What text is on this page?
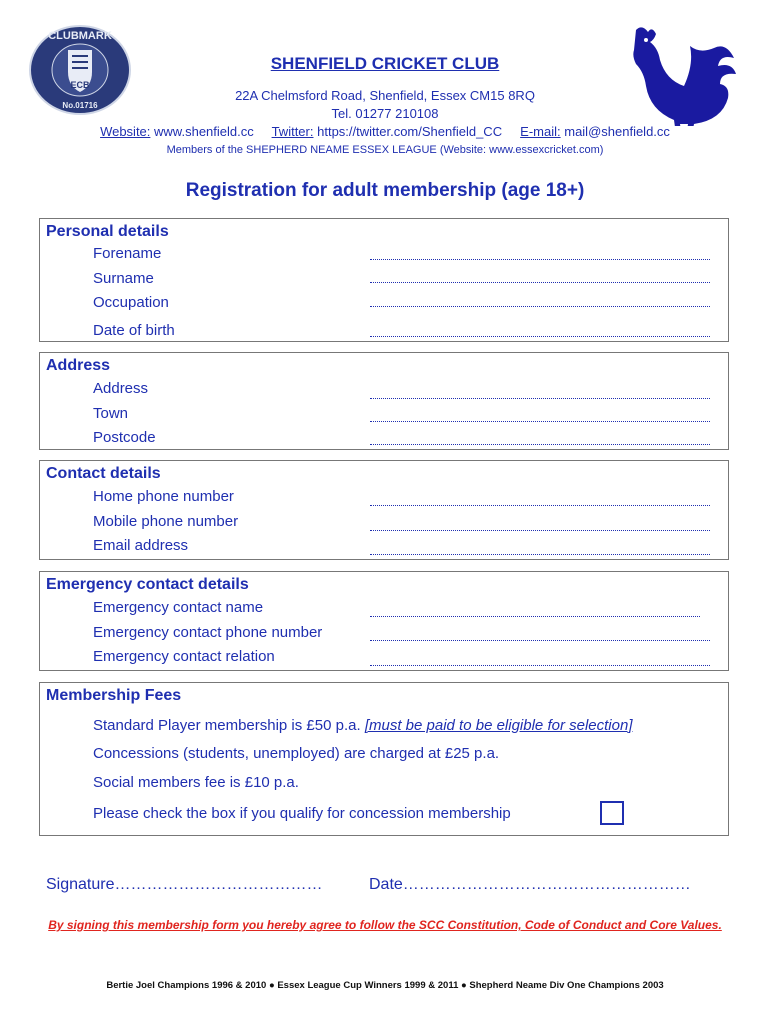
CLUBMARK
ECB
No.01716
SHENFIELD CRICKET CLUB
22A Chelmsford Road, Shenfield, Essex CM15 8RQ
Tel. 01277 210108
Website: www.shenfield.cc Twitter: https://twitter.com/Shenfield_CC E-mail: mail@shenfield.cc
Members of the SHEPHERD NEAME ESSEX LEAGUE (Website: www.essexcricket.com)
Registration for adult membership (age 18+)
Personal details
Forename
Surname
Occupation
Date of birth
Address
Address
Town
Postcode
Contact details
Home phone number
Mobile phone number
Email address
Emergency contact details
Emergency contact name
Emergency contact phone number
Emergency contact relation
Membership Fees
Standard Player membership is £50 p.a. [must be paid to be eligible for selection]
Concessions (students, unemployed) are charged at £25 p.a.
Social members fee is £10 p.a.
Please check the box if you qualify for concession membership
Signature…………………………………	Date………………………………………………
By signing this membership form you hereby agree to follow the SCC Constitution, Code of Conduct and Core Values.
Bertie Joel Champions 1996 & 2010 ● Essex League Cup Winners 1999 & 2011 ● Shepherd Neame Div One Champions 2003
